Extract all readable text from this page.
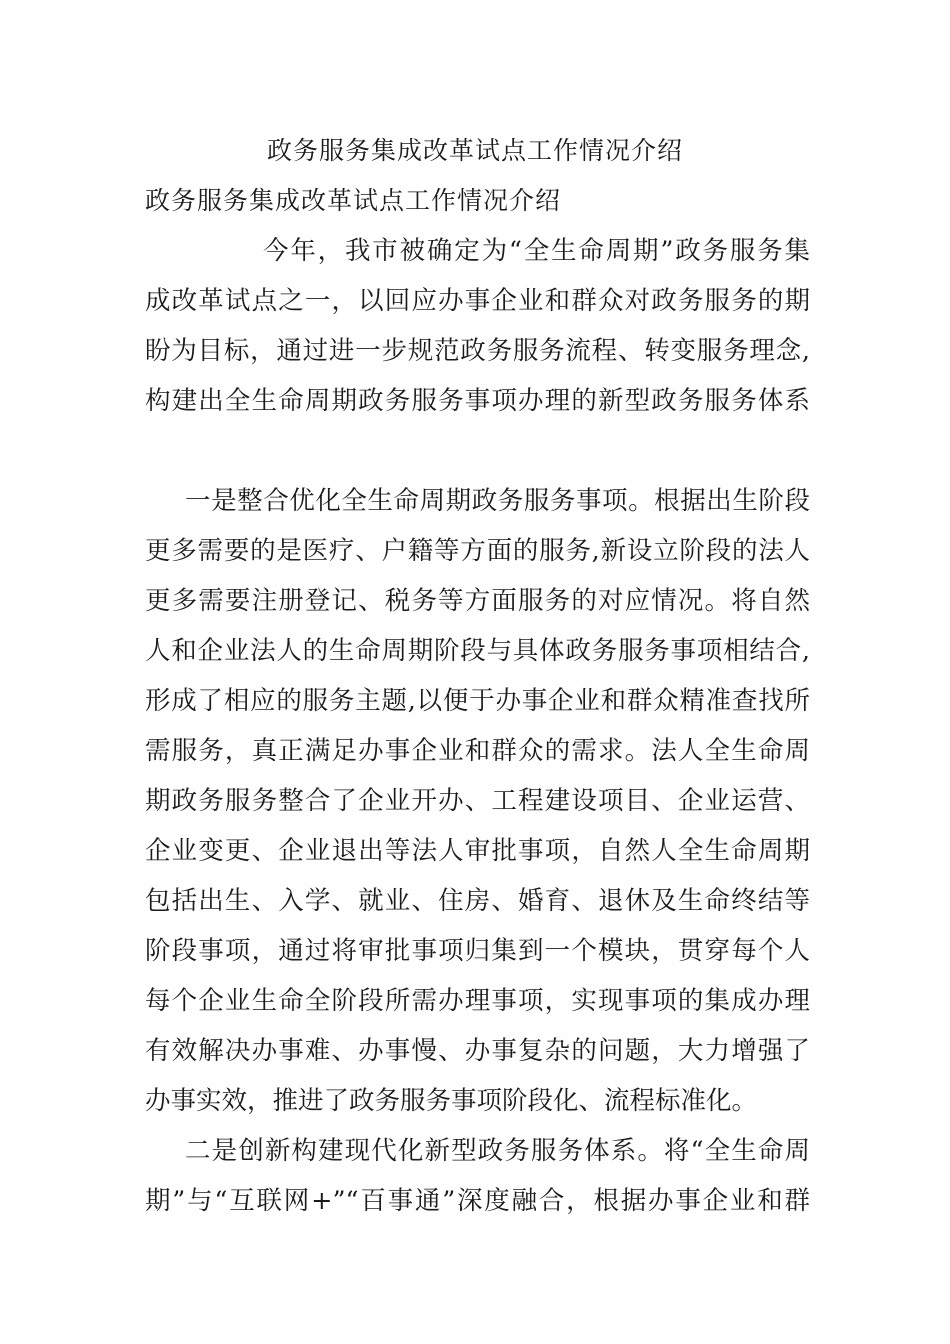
政务服务集成改革试点工作情况介绍
政务服务集成改革试点工作情况介绍
今年，我市被确定为“全生命周期”政务服务集
成改革试点之一，以回应办事企业和群众对政务服务的期
盼为目标，通过进一步规范政务服务流程、转变服务理念,
构建出全生命周期政务服务事项办理的新型政务服务体系
一是整合优化全生命周期政务服务事项。根据出生阶段
更多需要的是医疗、户籍等方面的服务,新设立阶段的法人
更多需要注册登记、税务等方面服务的对应情况。将自然
人和企业法人的生命周期阶段与具体政务服务事项相结合,
形成了相应的服务主题,以便于办事企业和群众精准查找所
需服务，真正满足办事企业和群众的需求。法人全生命周
期政务服务整合了企业开办、工程建设项目、企业运营、
企业变更、企业退出等法人审批事项，自然人全生命周期
包括出生、入学、就业、住房、婚育、退休及生命终结等
阶段事项，通过将审批事项归集到一个模块，贯穿每个人
每个企业生命全阶段所需办理事项，实现事项的集成办理
有效解决办事难、办事慢、办事复杂的问题，大力增强了
办事实效，推进了政务服务事项阶段化、流程标准化。
二是创新构建现代化新型政务服务体系。将“全生命周
期”与“互联网+”“百事通”深度融合，根据办事企业和群
